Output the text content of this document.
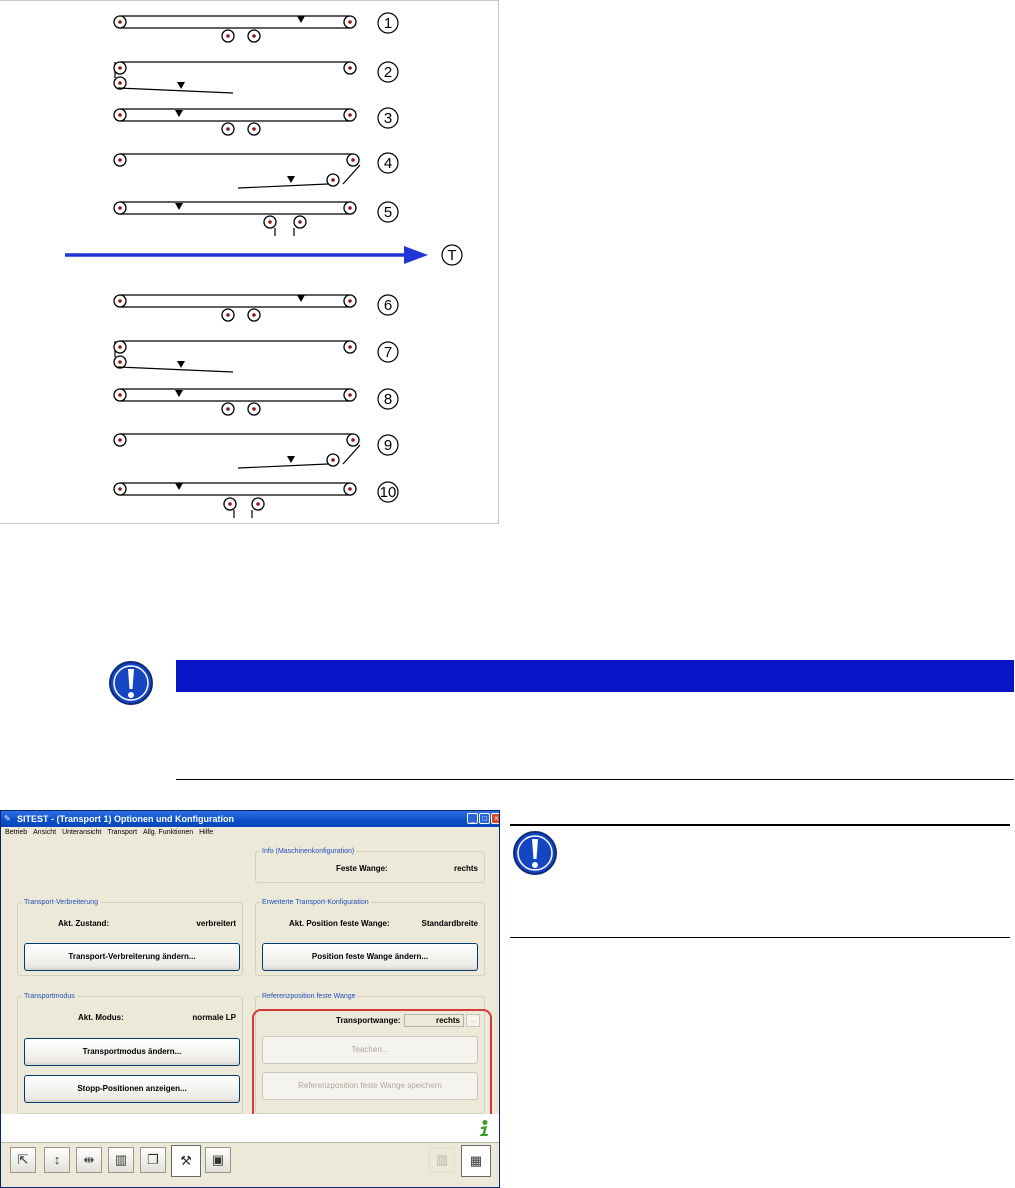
1
2
3
4
5
6
7
8
9
10
T
✎ SITEST - (Transport 1) Optionen und Konfiguration	_ □ ×
Betrieb Ansicht Unteransicht Transport Allg. Funktionen Hilfe
Info (Maschinenkonfiguration)
Feste Wange:	rechts
Transport-Verbreiterung
Akt. Zustand:	verbreitert
Transport-Verbreiterung ändern...
Erweiterte Transport-Konfiguration
Akt. Position feste Wange:	Standardbreite
Position feste Wange ändern...
Transportmodus
Akt. Modus:	normale LP
Transportmodus ändern...
Stopp-Positionen anzeigen...
Referenzposition feste Wange
Transportwange:	rechts	...
Teachen...
Referenzposition feste Wange speichern
⇱	↕	⇹	▥	❐	⚒	▣	▥	▦
